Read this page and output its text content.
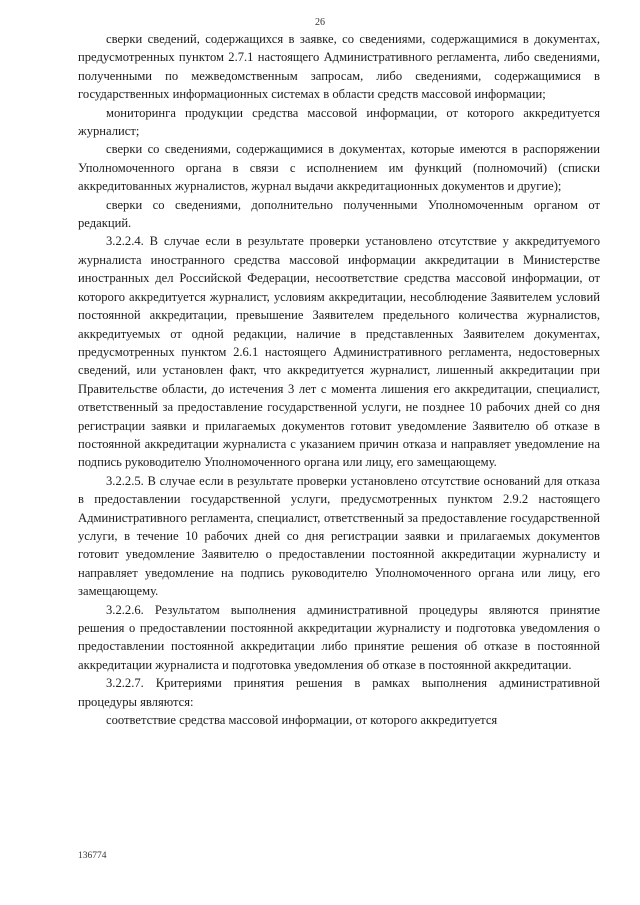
26

сверки сведений, содержащихся в заявке, со сведениями, содержащимися в документах, предусмотренных пунктом 2.7.1 настоящего Административного регламента, либо сведениями, полученными по межведомственным запросам, либо сведениями, содержащимися в государственных информационных системах в области средств массовой информации;

мониторинга продукции средства массовой информации, от которого аккредитуется журналист;

сверки со сведениями, содержащимися в документах, которые имеются в распоряжении Уполномоченного органа в связи с исполнением им функций (полномочий) (списки аккредитованных журналистов, журнал выдачи аккредитационных документов и другие);

сверки со сведениями, дополнительно полученными Уполномоченным органом от редакций.

3.2.2.4. В случае если в результате проверки установлено отсутствие у аккредитуемого журналиста иностранного средства массовой информации аккредитации в Министерстве иностранных дел Российской Федерации, несоответствие средства массовой информации, от которого аккредитуется журналист, условиям аккредитации, несоблюдение Заявителем условий постоянной аккредитации, превышение Заявителем предельного количества журналистов, аккредитуемых от одной редакции, наличие в представленных Заявителем документах, предусмотренных пунктом 2.6.1 настоящего Административного регламента, недостоверных сведений, или установлен факт, что аккредитуется журналист, лишенный аккредитации при Правительстве области, до истечения 3 лет с момента лишения его аккредитации, специалист, ответственный за предоставление государственной услуги, не позднее 10 рабочих дней со дня регистрации заявки и прилагаемых документов готовит уведомление Заявителю об отказе в постоянной аккредитации журналиста с указанием причин отказа и направляет уведомление на подпись руководителю Уполномоченного органа или лицу, его замещающему.

3.2.2.5. В случае если в результате проверки установлено отсутствие оснований для отказа в предоставлении государственной услуги, предусмотренных пунктом 2.9.2 настоящего Административного регламента, специалист, ответственный за предоставление государственной услуги, в течение 10 рабочих дней со дня регистрации заявки и прилагаемых документов готовит уведомление Заявителю о предоставлении постоянной аккредитации журналисту и направляет уведомление на подпись руководителю Уполномоченного органа или лицу, его замещающему.

3.2.2.6. Результатом выполнения административной процедуры являются принятие решения о предоставлении постоянной аккредитации журналисту и подготовка уведомления о предоставлении постоянной аккредитации либо принятие решения об отказе в постоянной аккредитации журналиста и подготовка уведомления об отказе в постоянной аккредитации.

3.2.2.7. Критериями принятия решения в рамках выполнения административной процедуры являются:

соответствие средства массовой информации, от которого аккредитуется

136774
